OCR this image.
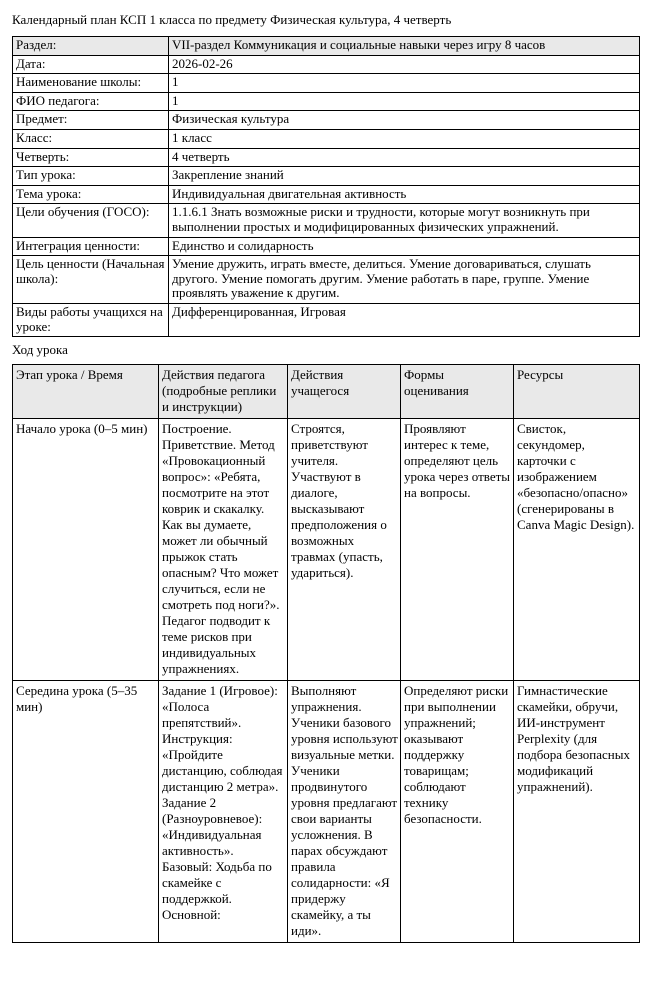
Календарный план КСП 1 класса по предмету Физическая культура, 4 четверть

Раздел:	VII-раздел Коммуникация и социальные навыки через игру 8 часов
Дата:	2026-02-26
Наименование школы:	1
ФИО педагога:	1
Предмет:	Физическая культура
Класс:	1 класс
Четверть:	4 четверть
Тип урока:	Закрепление знаний
Тема урока:	Индивидуальная двигательная активность
Цели обучения (ГОСО):	1.1.6.1 Знать возможные риски и трудности, которые могут возникнуть при выполнении простых и модифицированных физических упражнений.
Интеграция ценности:	Единство и солидарность
Цель ценности (Начальная школа):	Умение дружить, играть вместе, делиться. Умение договариваться, слушать другого. Умение помогать другим. Умение работать в паре, группе. Умение проявлять уважение к другим.
Виды работы учащихся на уроке:	Дифференцированная, Игровая

Ход урока

Этап урока / Время	Действия педагога (подробные реплики и инструкции)	Действия учащегося	Формы оценивания	Ресурсы
Начало урока (0–5 мин)	Построение. Приветствие. Метод «Провокационный вопрос»: «Ребята, посмотрите на этот коврик и скакалку. Как вы думаете, может ли обычный прыжок стать опасным? Что может случиться, если не смотреть под ноги?». Педагог подводит к теме рисков при индивидуальных упражнениях.	Строятся, приветствуют учителя. Участвуют в диалоге, высказывают предположения о возможных травмах (упасть, удариться).	Проявляют интерес к теме, определяют цель урока через ответы на вопросы.	Свисток, секундомер, карточки с изображением «безопасно/опасно» (сгенерированы в Canva Magic Design).
Середина урока (5–35 мин)	Задание 1 (Игровое): «Полоса препятствий». Инструкция: «Пройдите дистанцию, соблюдая дистанцию 2 метра». Задание 2 (Разноуровневое): «Индивидуальная активность». Базовый: Ходьба по скамейке с поддержкой. Основной:	Выполняют упражнения. Ученики базового уровня используют визуальные метки. Ученики продвинутого уровня предлагают свои варианты усложнения. В парах обсуждают правила солидарности: «Я придержу скамейку, а ты иди».	Определяют риски при выполнении упражнений; оказывают поддержку товарищам; соблюдают технику безопасности.	Гимнастические скамейки, обручи, ИИ-инструмент Perplexity (для подбора безопасных модификаций упражнений).
